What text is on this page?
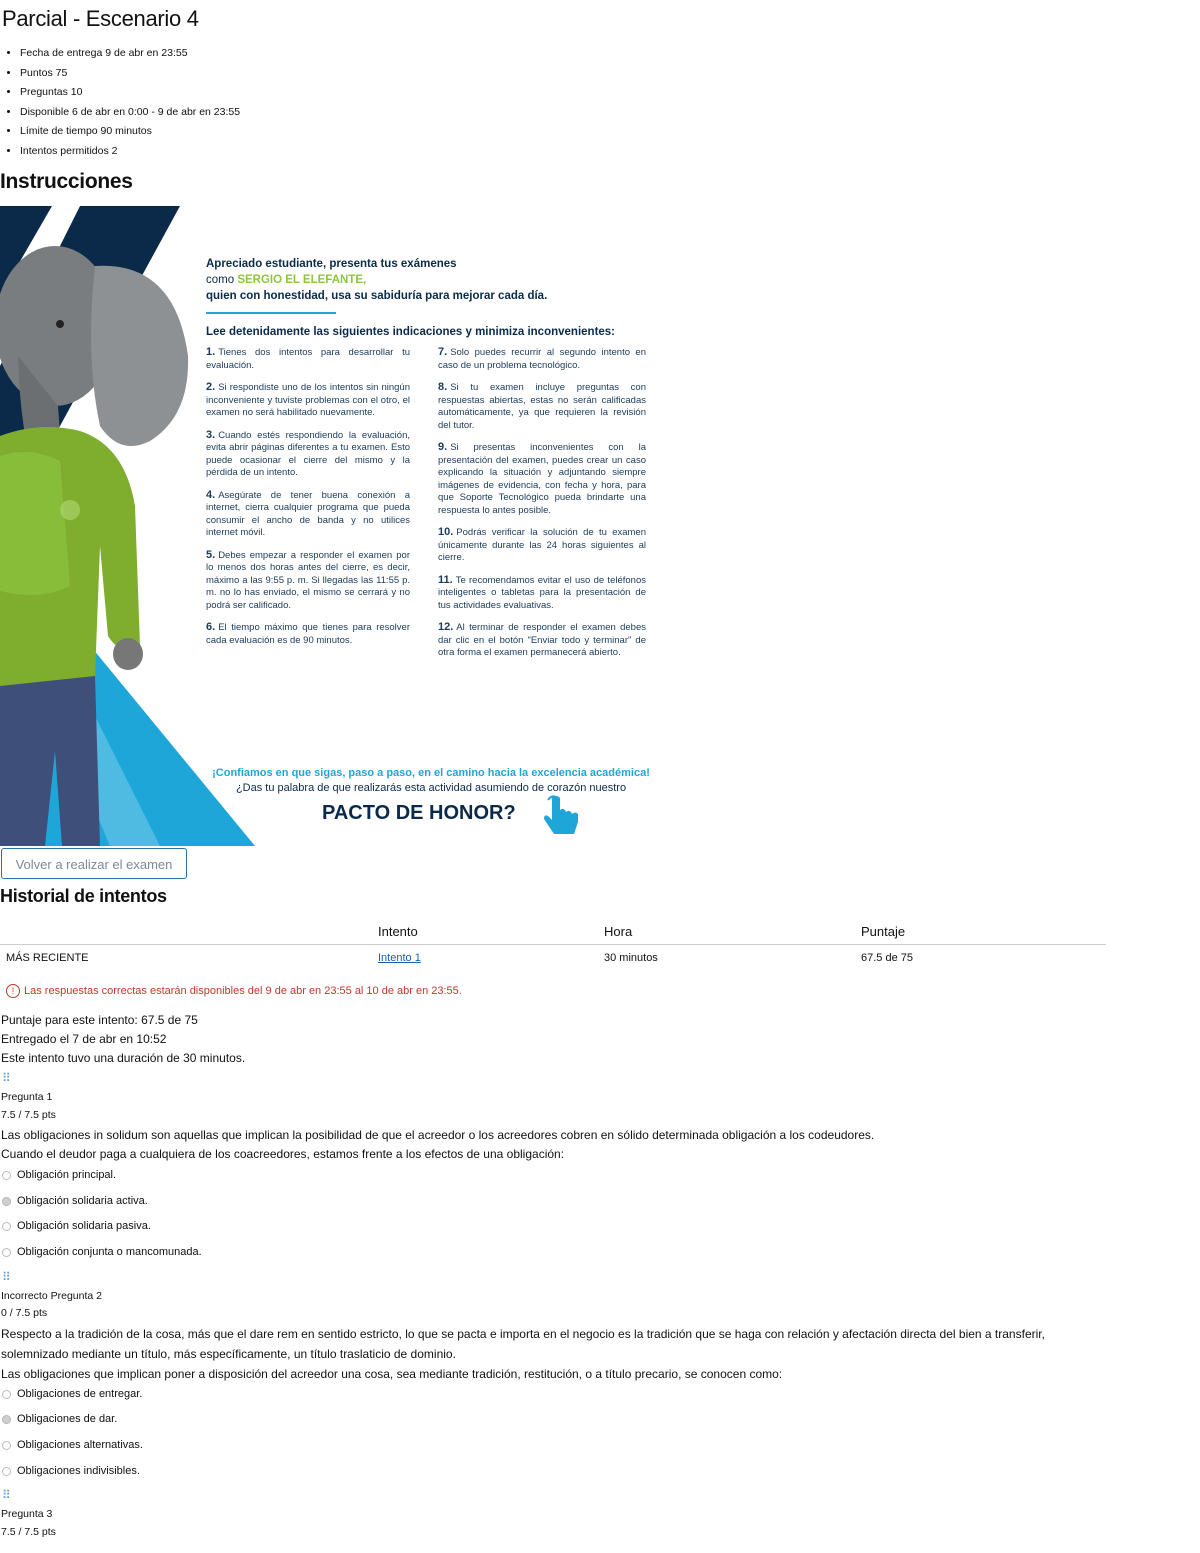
Parcial - Escenario 4
• Fecha de entrega 9 de abr en 23:55
• Puntos 75
• Preguntas 10
• Disponible 6 de abr en 0:00 - 9 de abr en 23:55
• Límite de tiempo 90 minutos
• Intentos permitidos 2
Instrucciones
Apreciado estudiante, presenta tus exámenes
como SERGIO EL ELEFANTE,
quien con honestidad, usa su sabiduría para mejorar cada día.
Lee detenidamente las siguientes indicaciones y minimiza inconvenientes:
1. Tienes dos intentos para desarrollar tu evaluación.
2. Si respondiste uno de los intentos sin ningún inconveniente y tuviste problemas con el otro, el examen no será habilitado nuevamente.
3. Cuando estés respondiendo la evaluación, evita abrir páginas diferentes a tu examen. Esto puede ocasionar el cierre del mismo y la pérdida de un intento.
4. Asegúrate de tener buena conexión a internet, cierra cualquier programa que pueda consumir el ancho de banda y no utilices internet móvil.
5. Debes empezar a responder el examen por lo menos dos horas antes del cierre, es decir, máximo a las 9:55 p. m. Si llegadas las 11:55 p. m. no lo has enviado, el mismo se cerrará y no podrá ser calificado.
6. El tiempo máximo que tienes para resolver cada evaluación es de 90 minutos.
7. Solo puedes recurrir al segundo intento en caso de un problema tecnológico.
8. Si tu examen incluye preguntas con respuestas abiertas, estas no serán calificadas automáticamente, ya que requieren la revisión del tutor.
9. Si presentas inconvenientes con la presentación del examen, puedes crear un caso explicando la situación y adjuntando siempre imágenes de evidencia, con fecha y hora, para que Soporte Tecnológico pueda brindarte una respuesta lo antes posible.
10. Podrás verificar la solución de tu examen únicamente durante las 24 horas siguientes al cierre.
11. Te recomendamos evitar el uso de teléfonos inteligentes o tabletas para la presentación de tus actividades evaluativas.
12. Al terminar de responder el examen debes dar clic en el botón "Enviar todo y terminar" de otra forma el examen permanecerá abierto.
¡Confiamos en que sigas, paso a paso, en el camino hacia la excelencia académica!
¿Das tu palabra de que realizarás esta actividad asumiendo de corazón nuestro
PACTO DE HONOR?
Volver a realizar el examen
Historial de intentos
	Intento	Hora	Puntaje
MÁS RECIENTE	Intento 1	30 minutos	67.5 de 75
! Las respuestas correctas estarán disponibles del 9 de abr en 23:55 al 10 de abr en 23:55.
Puntaje para este intento: 67.5 de 75
Entregado el 7 de abr en 10:52
Este intento tuvo una duración de 30 minutos.
⠿
Pregunta 1
7.5 / 7.5 pts
Las obligaciones in solidum son aquellas que implican la posibilidad de que el acreedor o los acreedores cobren en sólido determinada obligación a los codeudores.
Cuando el deudor paga a cualquiera de los coacreedores, estamos frente a los efectos de una obligación:
Obligación principal.
Obligación solidaria activa.
Obligación solidaria pasiva.
Obligación conjunta o mancomunada.
⠿
Incorrecto Pregunta 2
0 / 7.5 pts
Respecto a la tradición de la cosa, más que el dare rem en sentido estricto, lo que se pacta e importa en el negocio es la tradición que se haga con relación y afectación directa del bien a transferir, solemnizado mediante un título, más específicamente, un título traslaticio de dominio.
Las obligaciones que implican poner a disposición del acreedor una cosa, sea mediante tradición, restitución, o a título precario, se conocen como:
Obligaciones de entregar.
Obligaciones de dar.
Obligaciones alternativas.
Obligaciones indivisibles.
⠿
Pregunta 3
7.5 / 7.5 pts
